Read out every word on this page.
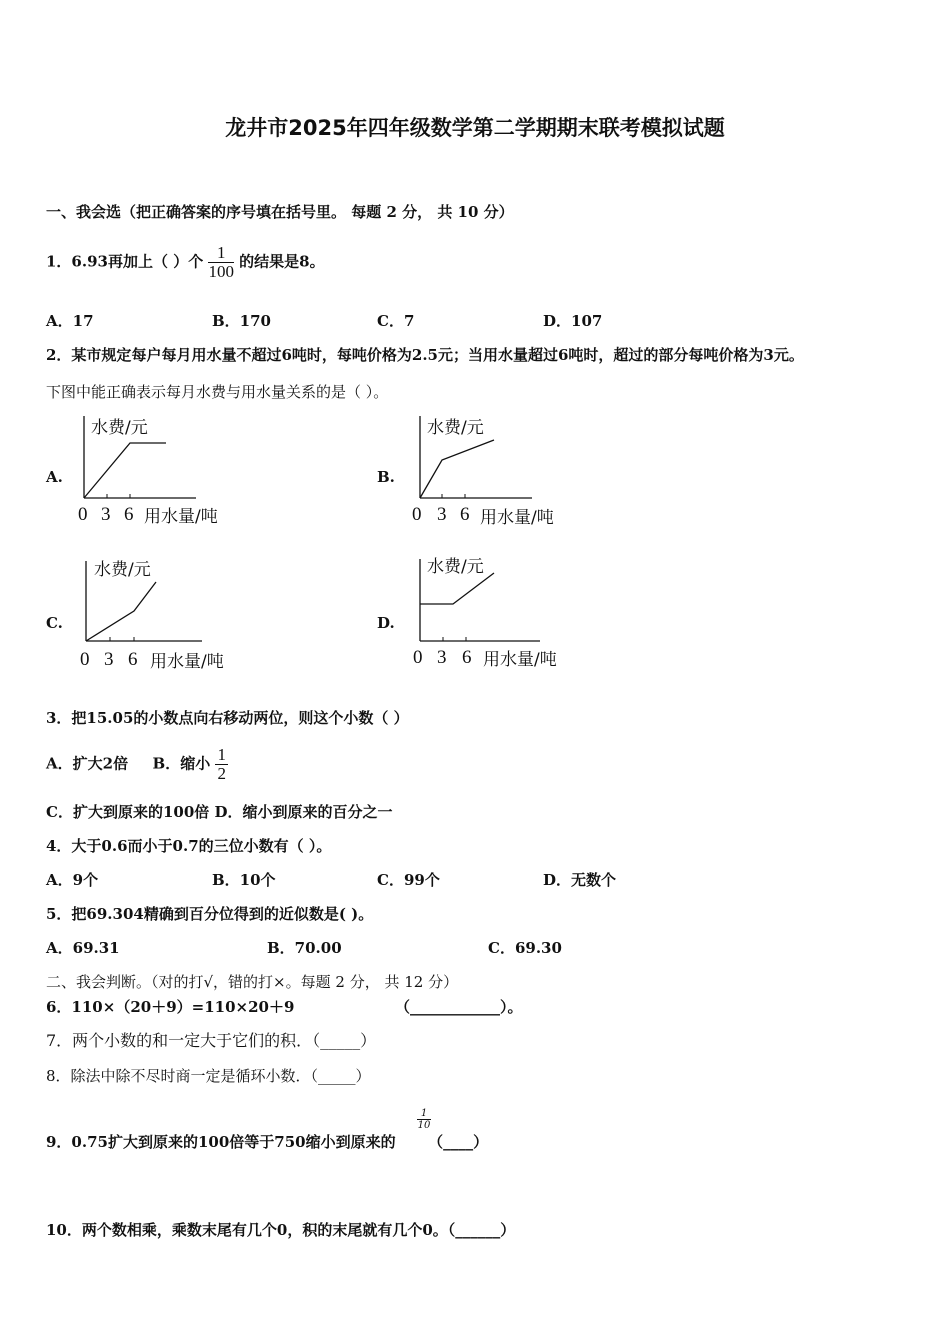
龙井市2025年四年级数学第二学期期末联考模拟试题
一、我会选（把正确答案的序号填在括号里。 每题 2 分， 共 10 分）
1．6.93再加上（ ）个 $\frac{1}{100}$ 的结果是8。
A．17	B．170	C．7	D．107
2．某市规定每户每月用水量不超过6吨时，每吨价格为2.5元；当用水量超过6吨时，超过的部分每吨价格为3元。
下图中能正确表示每月水费与用水量关系的是（ ）。
A.	B.
C.	D.
水费/元
0 3 6 用水量/吨
水费/元
0 3 6 用水量/吨
水费/元
0 3 6 用水量/吨
水费/元
0 3 6 用水量/吨
3．把15.05的小数点向右移动两位，则这个小数（ ）
A．扩大2倍 B．缩小 $\frac{1}{2}$
C．扩大到原来的100倍 D．缩小到原来的百分之一
4．大于0.6而小于0.7的三位小数有（ ）。
A．9个	B．10个	C．99个	D．无数个
5．把69.304精确到百分位得到的近似数是( )。
A．69.31	B．70.00	C．69.30
二、我会判断。（对的打√，错的打×。每题 2 分， 共 12 分）
6．110×（20＋9）=110×20＋9	（____________）。
7．两个小数的和一定大于它们的积．（_____）
8．除法中除不尽时商一定是循环小数．（_____）
9．0.75扩大到原来的100倍等于750缩小到原来的 （____）
$\frac{1}{10}$
10．两个数相乘，乘数末尾有几个0，积的末尾就有几个0。（______）
